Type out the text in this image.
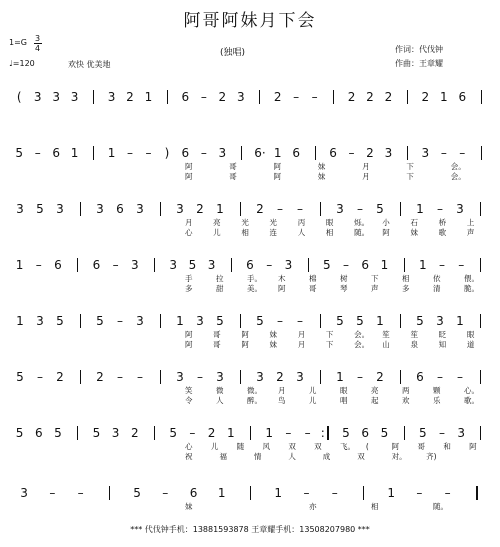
阿哥阿妹月下会
1=G 3
4
♩=120	欢快 优美地
(独唱)	作词：代伐钟
作曲：王章耀
( 3 3 3 3 2 1 6 – 2 3 2 – –	2 2 2 2 1 6
5 – 6 1 1 – – ) 6 – 3 6· 1 6 6 – 2 3 3 – –
阿	哥	阿	妹	月	下	会。
阿	哥	阿	妹	月	下	会。
3 5 3	3 6 3	3 2 1	2 – –	3 – 5	1 – 3
月	亮	光	光	丙	眼	烁。 小	石	桥	上
心	儿	相	连	人	相	随。 阿	妹	歌	声
1 – 6	6 – 3	3 5 3	6 – 3	5 – 6 1	1 – –
手	拉	手。 木	棉	树	下	相	依	偎。
多	甜	美。 阿	哥	琴	声	多	清	脆。
1 3 5	5 – 3	1 3 5	5 – –	5 5 1	5 3 1
阿	哥	阿	妹	月	下	会。 笙	笙	眨	眼
阿	哥	阿	妹	月	下	会。 山	泉	知	道
5 – 2	2 – –	3 – 3	3 2 3	1 – 2	6 – –
笑	微	微。 月	儿	眼	亮	两	颗	心。
令	人	醉。 鸟	儿	唱	起	欢	乐	歌。
5 6 5	5 3 2	5 – 2 1	1 – – : 5 6 5	5 – 3
心 儿 随 风 双 双 飞。 (	阿 哥 和 阿
祝	福	情	人	成	双	对。	齐)
3 – –	5 – 6 1	1 – –	1 – –
妹	亦	相	随。
*** 代伐钟手机：13881593878 王章耀手机：13508207980 ***
